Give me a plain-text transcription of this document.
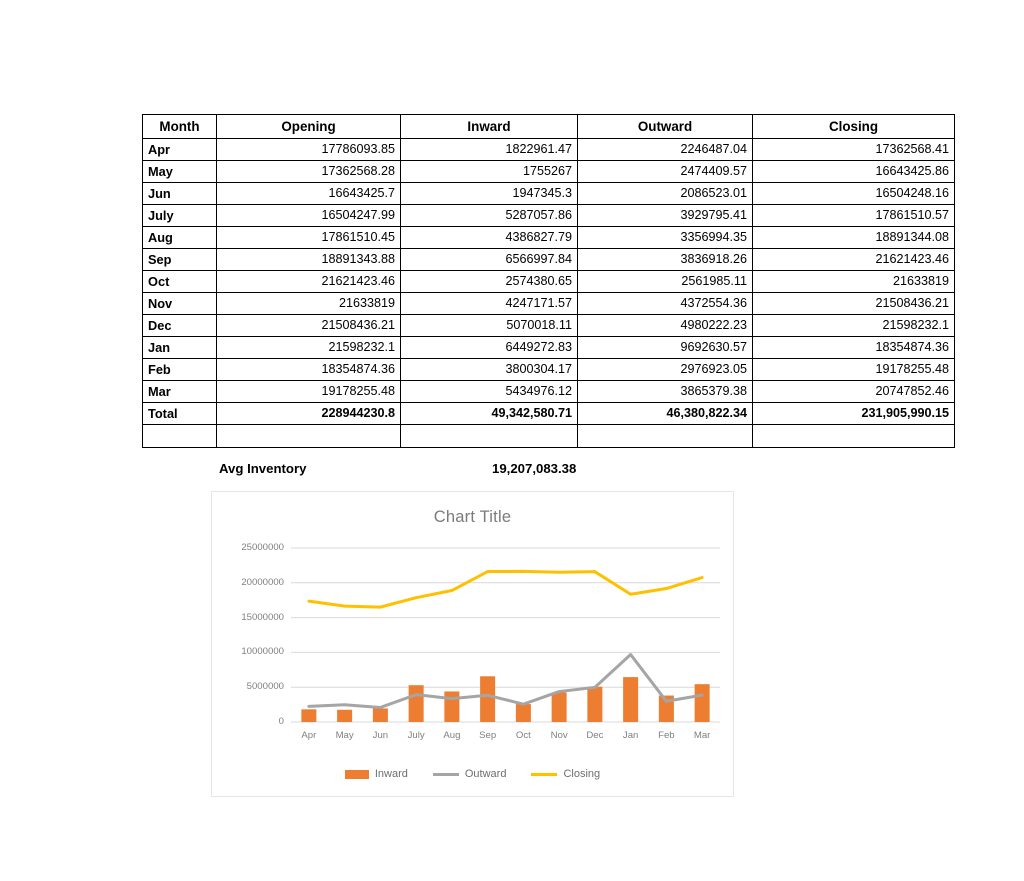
Month	Opening	Inward	Outward	Closing
Apr	17786093.85	1822961.47	2246487.04	17362568.41
May	17362568.28	1755267	2474409.57	16643425.86
Jun	16643425.7	1947345.3	2086523.01	16504248.16
July	16504247.99	5287057.86	3929795.41	17861510.57
Aug	17861510.45	4386827.79	3356994.35	18891344.08
Sep	18891343.88	6566997.84	3836918.26	21621423.46
Oct	21621423.46	2574380.65	2561985.11	21633819
Nov	21633819	4247171.57	4372554.36	21508436.21
Dec	21508436.21	5070018.11	4980222.23	21598232.1
Jan	21598232.1	6449272.83	9692630.57	18354874.36
Feb	18354874.36	3800304.17	2976923.05	19178255.48
Mar	19178255.48	5434976.12	3865379.38	20747852.46
Total	228944230.8	49,342,580.71	46,380,822.34	231,905,990.15

Avg Inventory	19,207,083.38
Chart Title
0
5000000
10000000
15000000
20000000
25000000
Apr	May	Jun	July	Aug	Sep	Oct	Nov	Dec	Jan	Feb	Mar
Inward	Outward	Closing
